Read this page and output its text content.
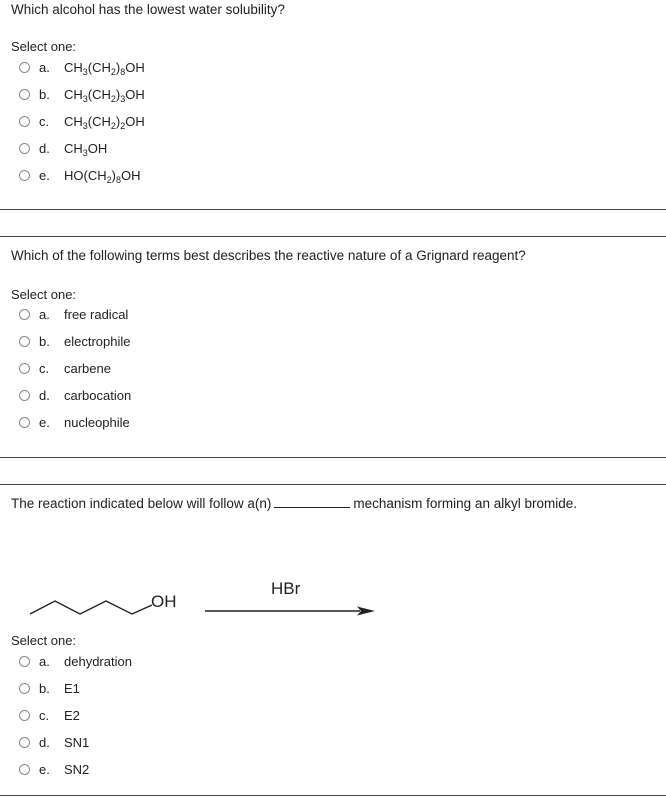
Which alcohol has the lowest water solubility?
Select one:
a.	$CH_3(CH_2)_8OH$
b.	$CH_3(CH_2)_3OH$
c.	$CH_3(CH_2)_2OH$
d.	$CH_3OH$
e.	$HO(CH_2)_8OH$
Which of the following terms best describes the reactive nature of a Grignard reagent?
Select one:
a.	free radical
b.	electrophile
c.	carbene
d.	carbocation
e.	nucleophile
The reaction indicated below will follow a(n)	mechanism forming an alkyl bromide.
OH
HBr
Select one:
a.	dehydration
b.	E1
c.	E2
d.	SN1
e.	SN2
